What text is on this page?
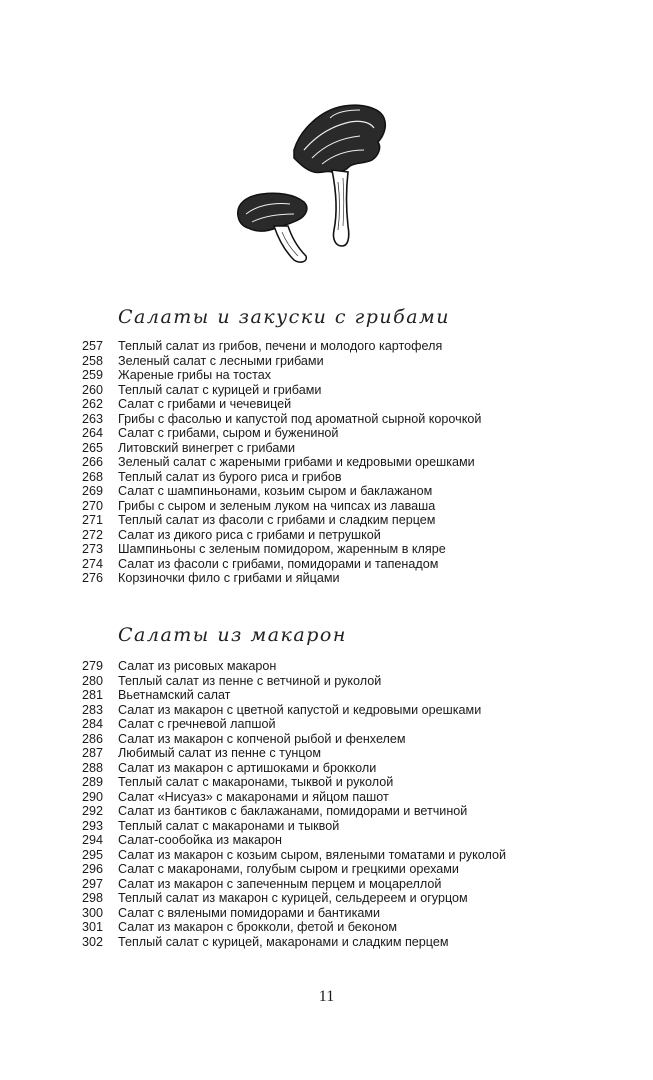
Салаты и закуски с грибами
257	Теплый салат из грибов, печени и молодого картофеля
258	Зеленый салат с лесными грибами
259	Жареные грибы на тостах
260	Теплый салат с курицей и грибами
262	Салат с грибами и чечевицей
263	Грибы с фасолью и капустой под ароматной сырной корочкой
264	Салат с грибами, сыром и бужениной
265	Литовский винегрет с грибами
266	Зеленый салат с жареными грибами и кедровыми орешками
268	Теплый салат из бурого риса и грибов
269	Салат с шампиньонами, козьим сыром и баклажаном
270	Грибы с сыром и зеленым луком на чипсах из лаваша
271	Теплый салат из фасоли с грибами и сладким перцем
272	Салат из дикого риса с грибами и петрушкой
273	Шампиньоны с зеленым помидором, жаренным в кляре
274	Салат из фасоли с грибами, помидорами и тапенадом
276	Корзиночки фило с грибами и яйцами
Салаты из макарон
279	Салат из рисовых макарон
280	Теплый салат из пенне с ветчиной и руколой
281	Вьетнамский салат
283	Салат из макарон с цветной капустой и кедровыми орешками
284	Салат с гречневой лапшой
286	Салат из макарон с копченой рыбой и фенхелем
287	Любимый салат из пенне с тунцом
288	Салат из макарон с артишоками и брокколи
289	Теплый салат с макаронами, тыквой и руколой
290	Салат «Нисуаз» с макаронами и яйцом пашот
292	Салат из бантиков с баклажанами, помидорами и ветчиной
293	Теплый салат с макаронами и тыквой
294	Салат-сообойка из макарон
295	Салат из макарон с козьим сыром, вялеными томатами и руколой
296	Салат с макаронами, голубым сыром и грецкими орехами
297	Салат из макарон с запеченным перцем и моцареллой
298	Теплый салат из макарон с курицей, сельдереем и огурцом
300	Салат с вялеными помидорами и бантиками
301	Салат из макарон с брокколи, фетой и беконом
302	Теплый салат с курицей, макаронами и сладким перцем
11
